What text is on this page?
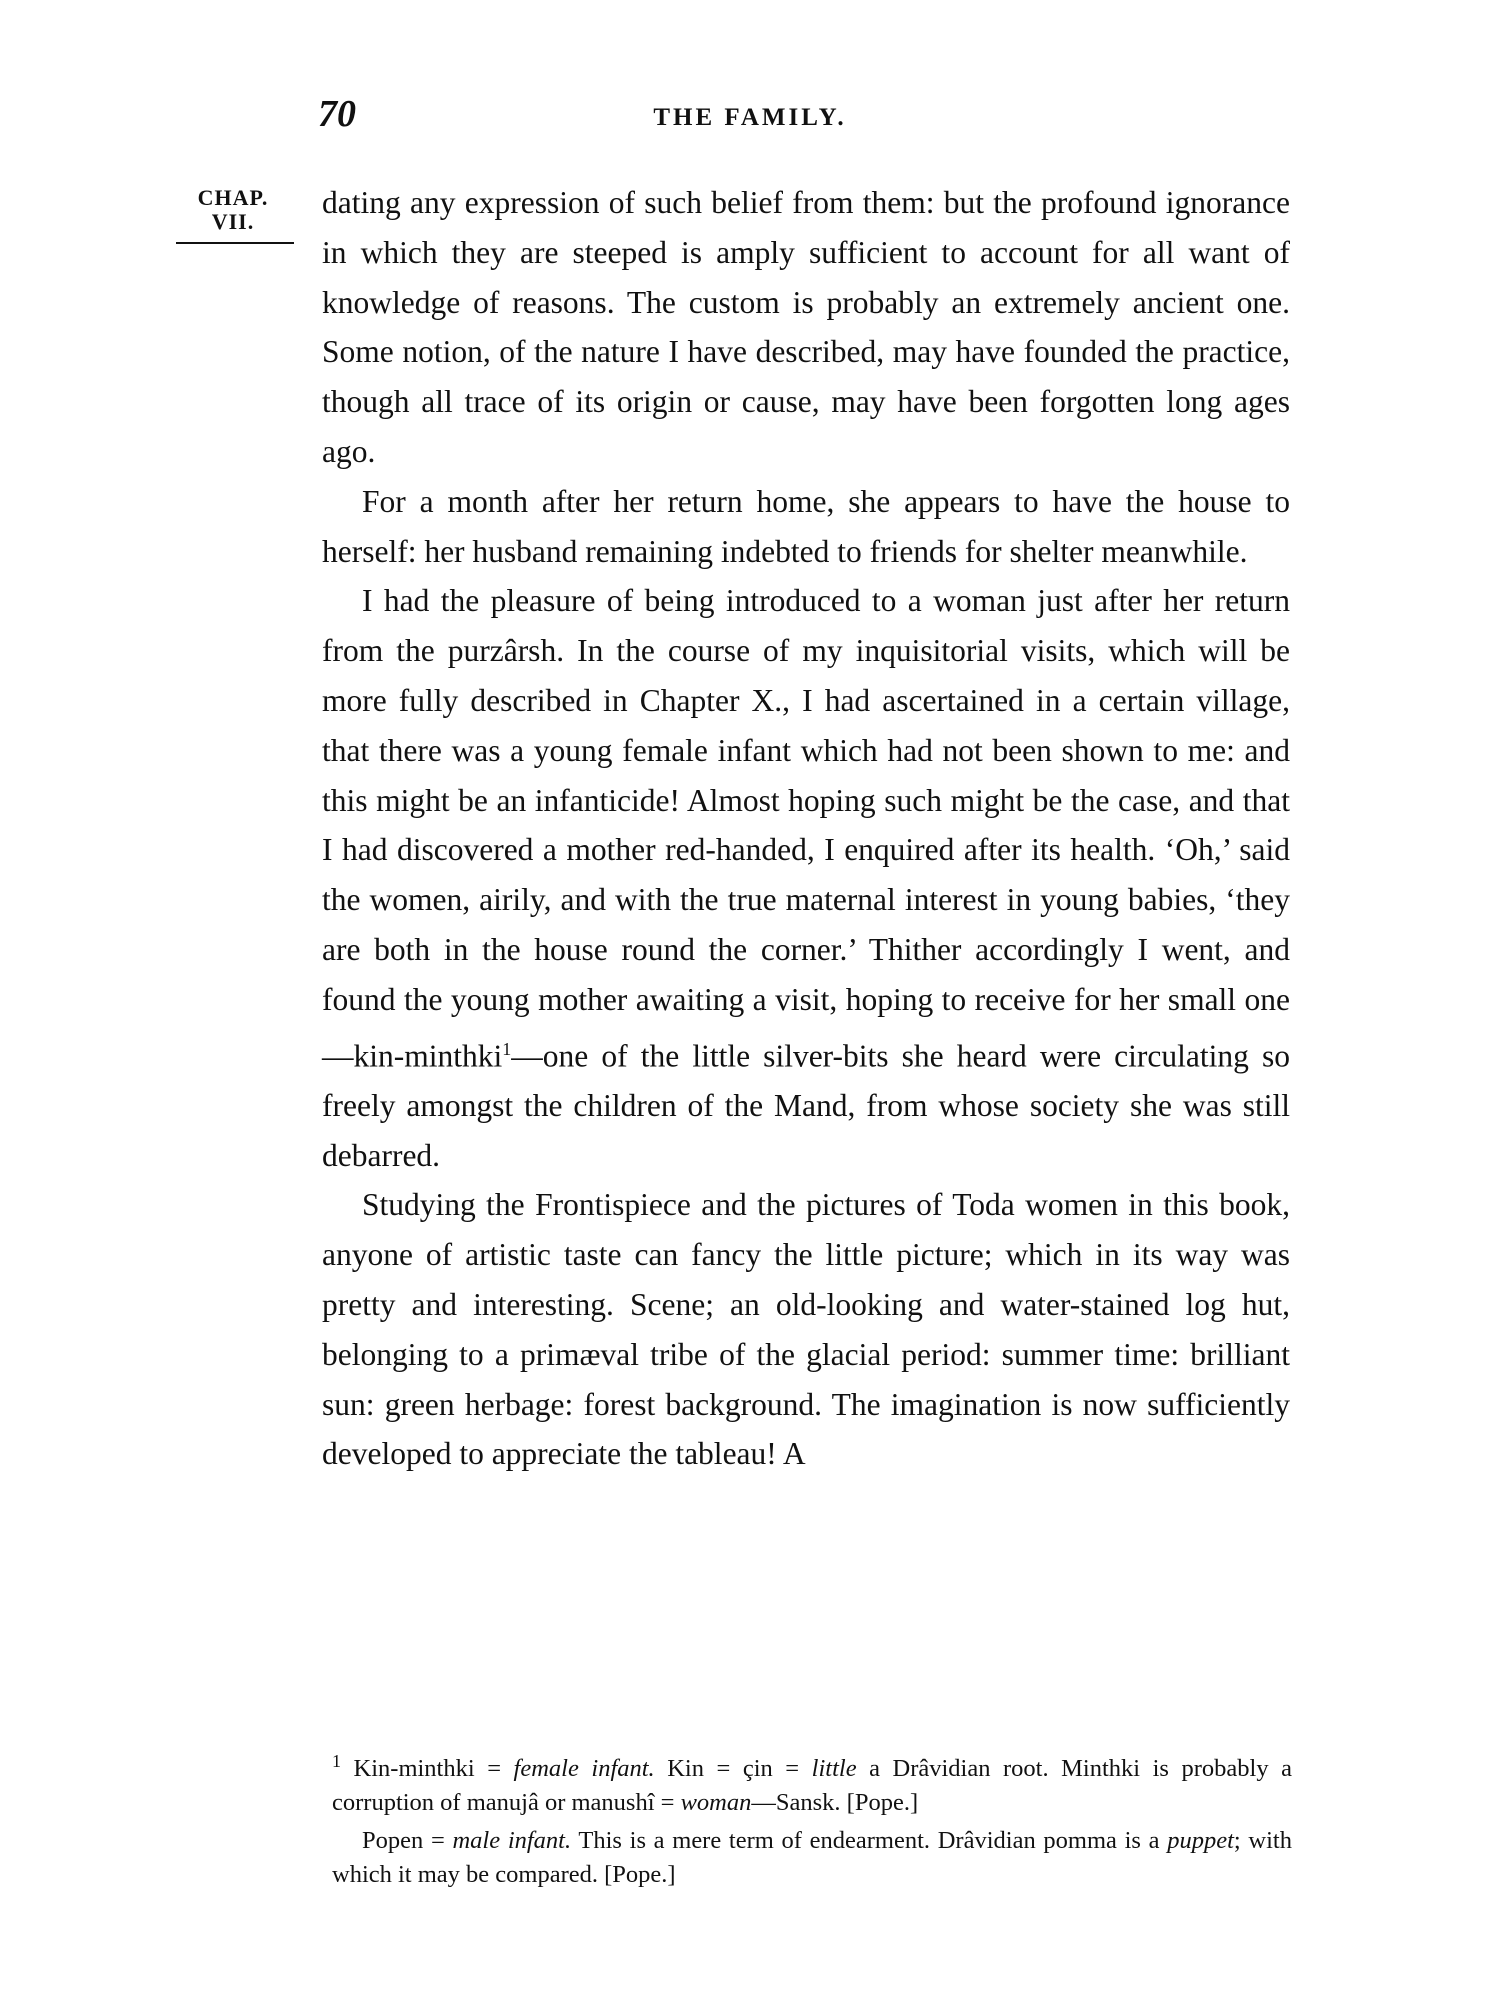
70	THE FAMILY.
CHAP.
VII.

dating any expression of such belief from them: but the profound ignorance in which they are steeped is amply sufficient to account for all want of knowledge of reasons. The custom is probably an extremely ancient one. Some notion, of the nature I have described, may have founded the practice, though all trace of its origin or cause, may have been forgotten long ages ago.

For a month after her return home, she appears to have the house to herself: her husband remaining indebted to friends for shelter meanwhile.

I had the pleasure of being introduced to a woman just after her return from the purzârsh. In the course of my inquisitorial visits, which will be more fully described in Chapter X., I had ascertained in a certain village, that there was a young female infant which had not been shown to me: and this might be an infanticide! Almost hoping such might be the case, and that I had discovered a mother red-handed, I enquired after its health. ‘Oh,’ said the women, airily, and with the true maternal interest in young babies, ‘they are both in the house round the corner.’ Thither accordingly I went, and found the young mother awaiting a visit, hoping to receive for her small one—kin-minthki$^1$—one of the little silver-bits she heard were circulating so freely amongst the children of the Mand, from whose society she was still debarred.

Studying the Frontispiece and the pictures of Toda women in this book, anyone of artistic taste can fancy the little picture; which in its way was pretty and interesting. Scene; an old-looking and water-stained log hut, belonging to a primæval tribe of the glacial period: summer time: brilliant sun: green herbage: forest background. The imagination is now sufficiently developed to appreciate the tableau! A

$^1$ Kin-minthki = female infant. Kin = çin = little a Drâvidian root. Minthki is probably a corruption of manujâ or manushî = woman—Sansk. [Pope.]

Popen = male infant. This is a mere term of endearment. Drâvidian pomma is a puppet; with which it may be compared. [Pope.]
